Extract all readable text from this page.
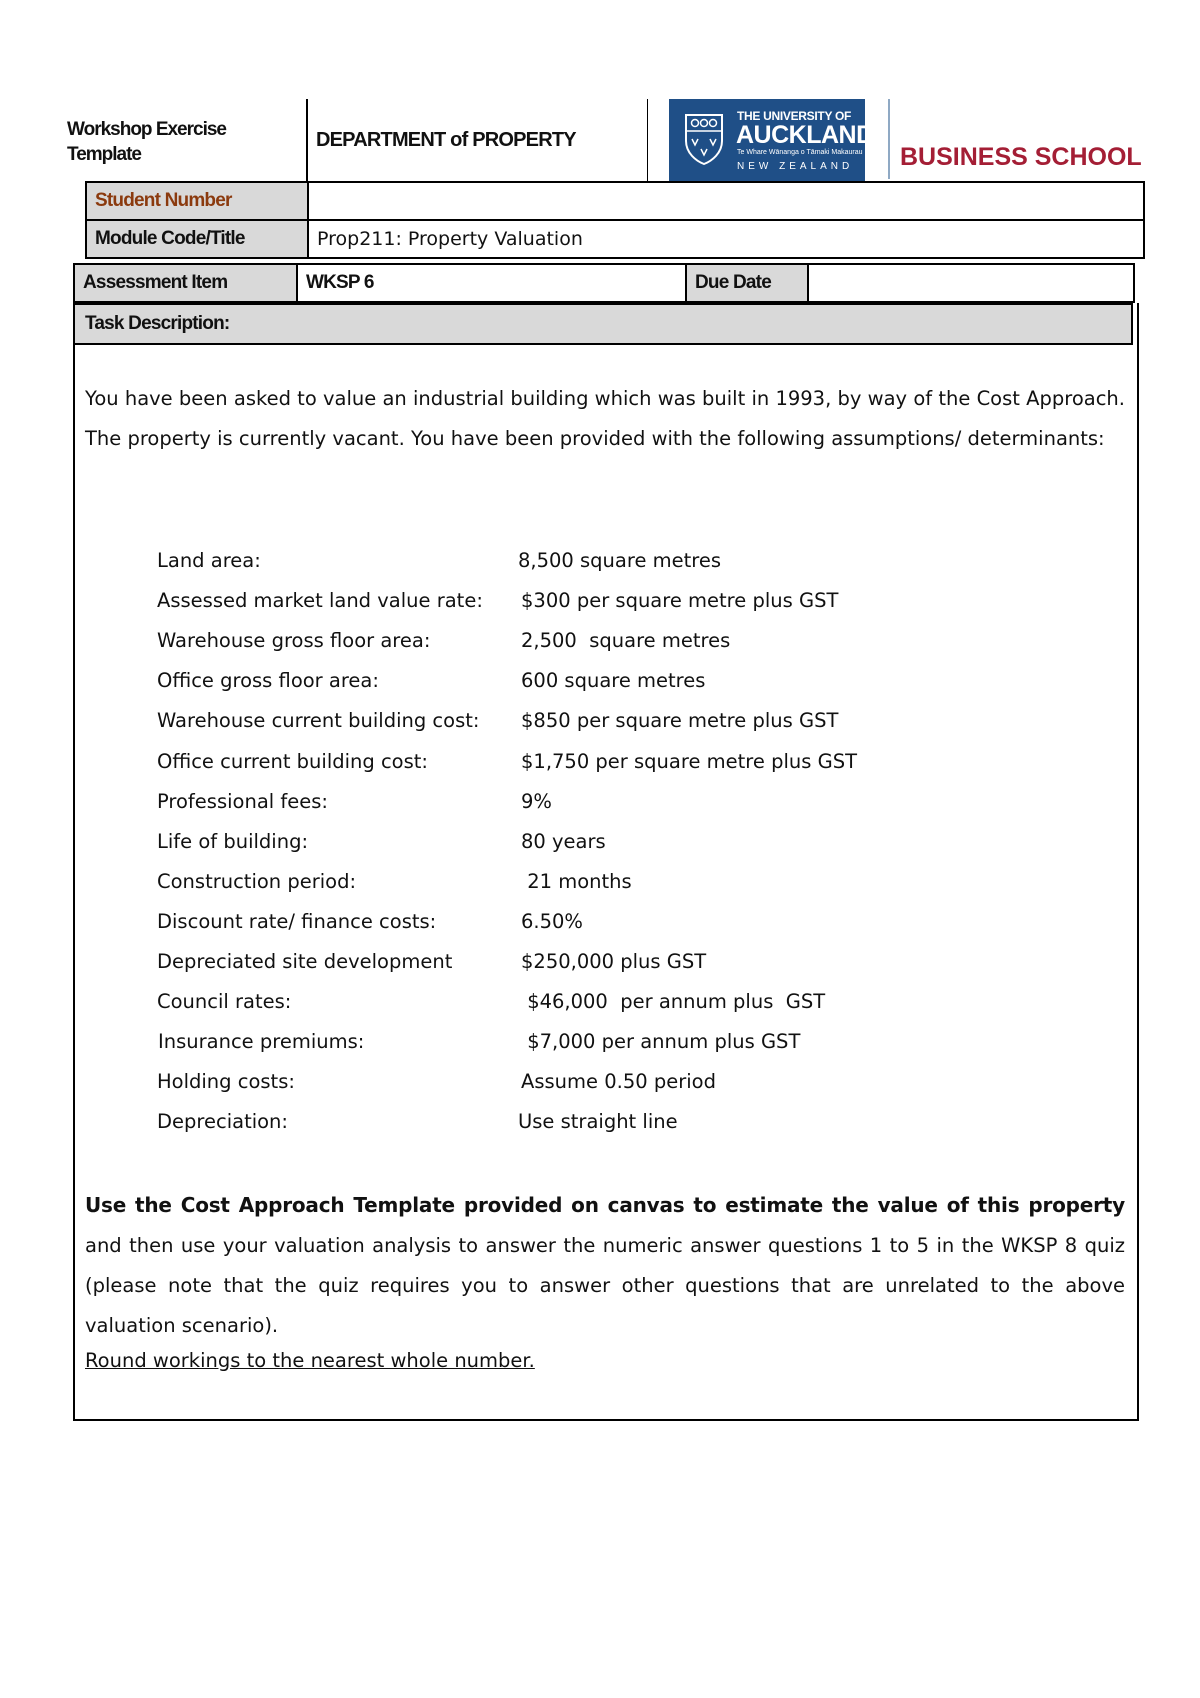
Workshop Exercise Template
DEPARTMENT of PROPERTY
THE UNIVERSITY OF
AUCKLAND
Te Whare Wānanga o Tāmaki Makaurau
NEW ZEALAND BUSINESS SCHOOL
Student Number	
Module Code/Title	Prop211: Property Valuation
Assessment Item	WKSP 6	Due Date	
Task Description:
You have been asked to value an industrial building which was built in 1993, by way of the Cost Approach. The property is currently vacant. You have been provided with the following assumptions/ determinants:
Land area:	8,500 square metres
Assessed market land value rate: $300 per square metre plus GST
Warehouse gross floor area:	2,500  square metres
Office gross floor area:	600 square metres
Warehouse current building cost: $850 per square metre plus GST
Office current building cost:	$1,750 per square metre plus GST
Professional fees:	9%
Life of building:	80 years
Construction period:	21 months
Discount rate/ finance costs:	6.50%
Depreciated site development	$250,000 plus GST
Council rates:	$46,000  per annum plus  GST
Insurance premiums:	$7,000 per annum plus GST
Holding costs:	Assume 0.50 period
Depreciation:	Use straight line
Use the Cost Approach Template provided on canvas to estimate the value of this property and then use your valuation analysis to answer the numeric answer questions 1 to 5 in the WKSP 8 quiz (please note that the quiz requires you to answer other questions that are unrelated to the above valuation scenario).
Round workings to the nearest whole number.
